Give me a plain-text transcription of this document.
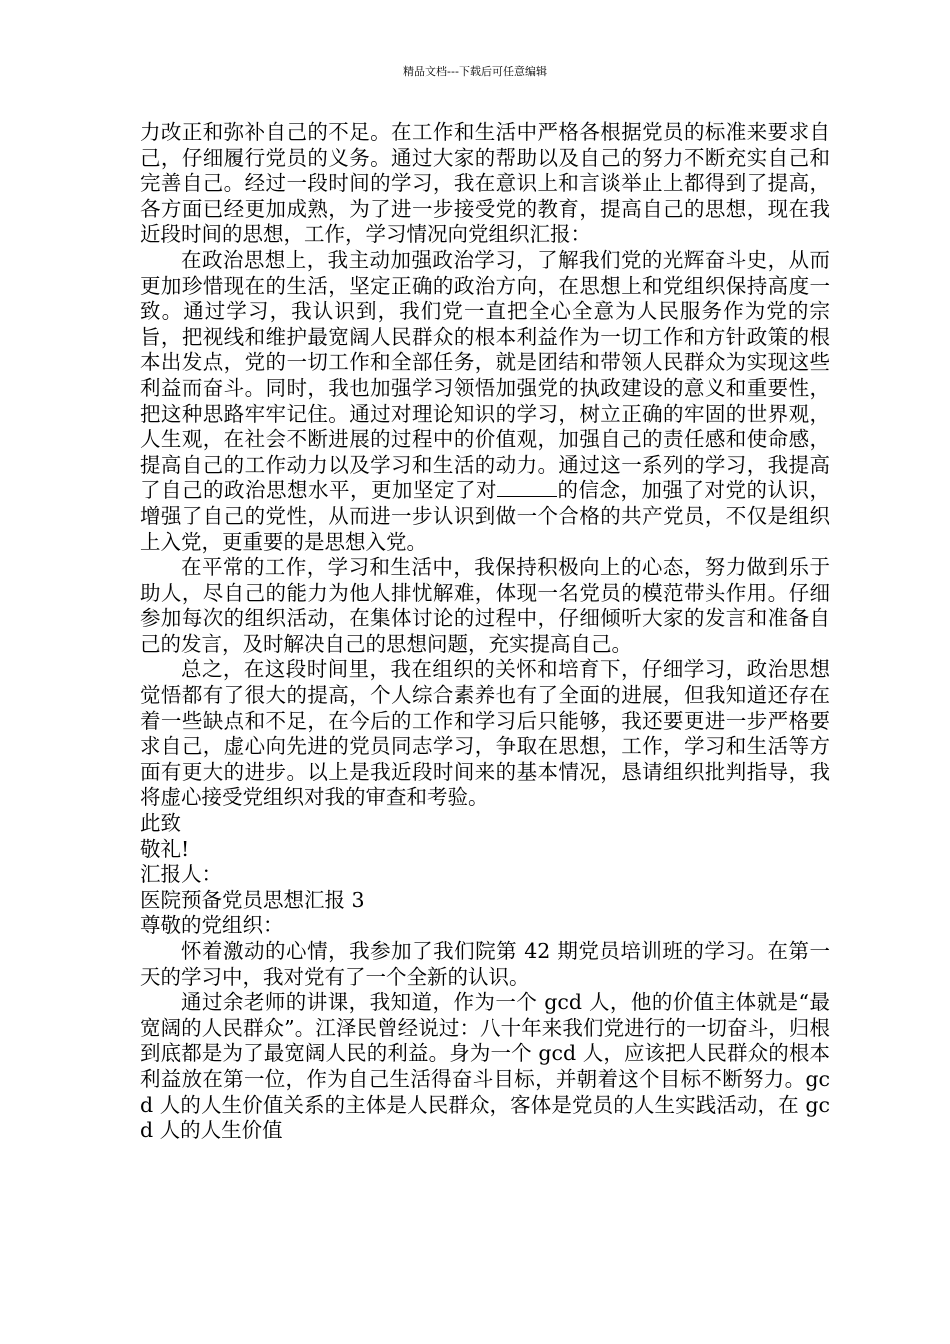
精品文档---下载后可任意编辑

力改正和弥补自己的不足。在工作和生活中严格各根据党员的标准来要求自己，仔细履行党员的义务。通过大家的帮助以及自己的努力不断充实自己和完善自己。经过一段时间的学习，我在意识上和言谈举止上都得到了提高，各方面已经更加成熟，为了进一步接受党的教育，提高自己的思想，现在我近段时间的思想，工作，学习情况向党组织汇报：

在政治思想上，我主动加强政治学习，了解我们党的光辉奋斗史，从而更加珍惜现在的生活，坚定正确的政治方向，在思想上和党组织保持高度一致。通过学习，我认识到，我们党一直把全心全意为人民服务作为党的宗旨，把视线和维护最宽阔人民群众的根本利益作为一切工作和方针政策的根本出发点，党的一切工作和全部任务，就是团结和带领人民群众为实现这些利益而奋斗。同时，我也加强学习领悟加强党的执政建设的意义和重要性，把这种思路牢牢记住。通过对理论知识的学习，树立正确的牢固的世界观，人生观，在社会不断进展的过程中的价值观，加强自己的责任感和使命感，提高自己的工作动力以及学习和生活的动力。通过这一系列的学习，我提高了自己的政治思想水平，更加坚定了对	的信念，加强了对党的认识，增强了自己的党性，从而进一步认识到做一个合格的共产党员，不仅是组织上入党，更重要的是思想入党。

在平常的工作，学习和生活中，我保持积极向上的心态，努力做到乐于助人，尽自己的能力为他人排忧解难，体现一名党员的模范带头作用。仔细参加每次的组织活动，在集体讨论的过程中，仔细倾听大家的发言和准备自己的发言，及时解决自己的思想问题，充实提高自己。

总之，在这段时间里，我在组织的关怀和培育下，仔细学习，政治思想觉悟都有了很大的提高，个人综合素养也有了全面的进展，但我知道还存在着一些缺点和不足，在今后的工作和学习后只能够，我还要更进一步严格要求自己，虚心向先进的党员同志学习，争取在思想，工作，学习和生活等方面有更大的进步。以上是我近段时间来的基本情况，恳请组织批判指导，我将虚心接受党组织对我的审查和考验。

此致

敬礼!

汇报人：

医院预备党员思想汇报 3

尊敬的党组织：

怀着激动的心情，我参加了我们院第 42 期党员培训班的学习。在第一天的学习中，我对党有了一个全新的认识。

通过余老师的讲课，我知道，作为一个 gcd 人，他的价值主体就是“最宽阔的人民群众”。江泽民曾经说过：八十年来我们党进行的一切奋斗，归根到底都是为了最宽阔人民的利益。身为一个 gcd 人，应该把人民群众的根本利益放在第一位，作为自己生活得奋斗目标，并朝着这个目标不断努力。gcd 人的人生价值关系的主体是人民群众，客体是党员的人生实践活动，在 gcd 人的人生价值
